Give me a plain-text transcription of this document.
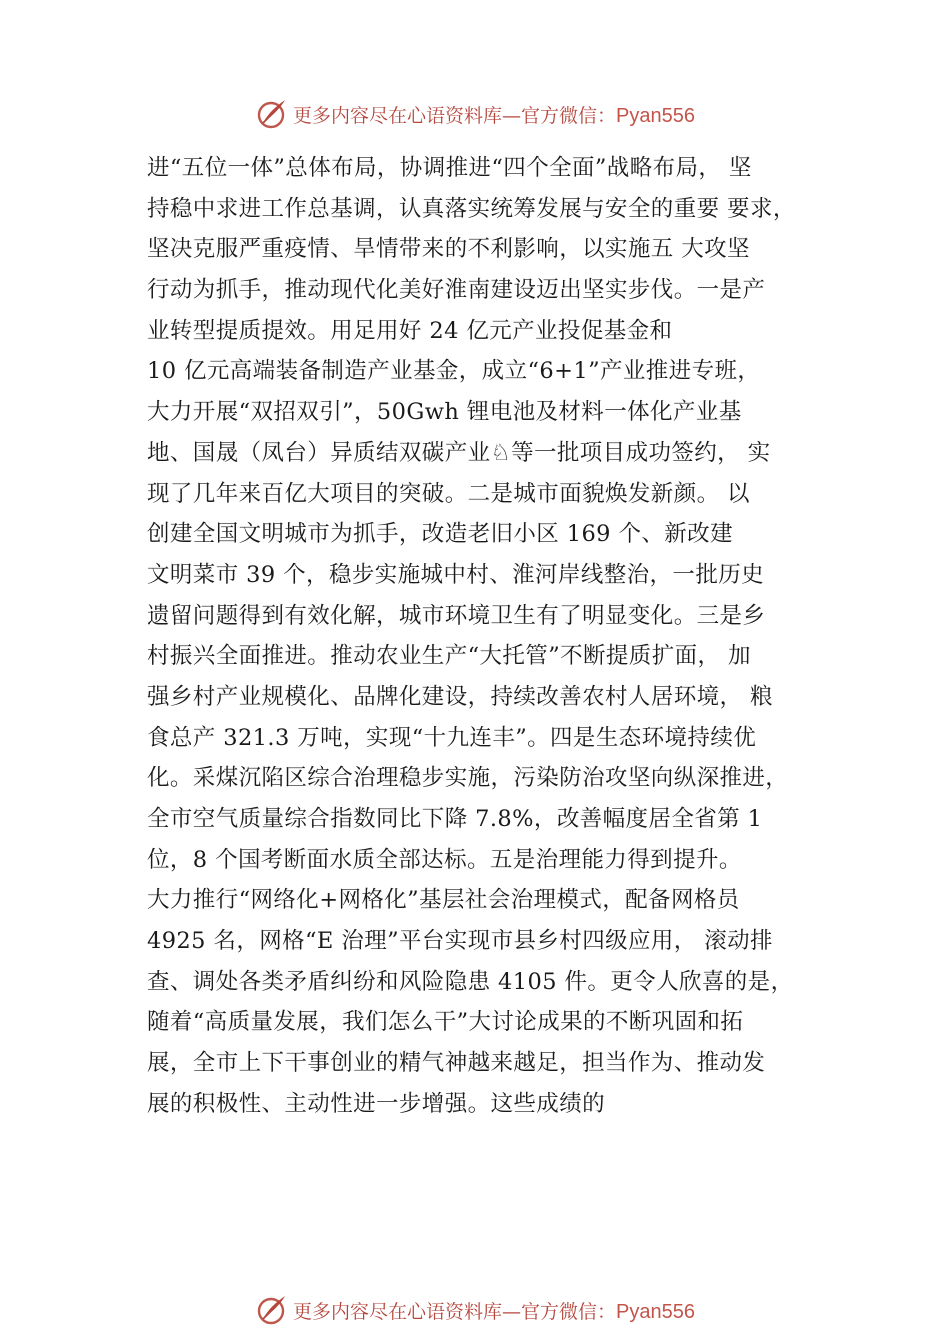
更多内容尽在心语资料库—官方微信：Pyan556
进“五位一体”总体布局，协调推进“四个全面”战略布局， 坚
持稳中求进工作总基调，认真落实统筹发展与安全的重要 要求，
坚决克服严重疫情、旱情带来的不利影响，以实施五 大攻坚
行动为抓手，推动现代化美好淮南建设迈出坚实步伐。一是产
业转型提质提效。用足用好 24 亿元产业投促基金和
10 亿元高端装备制造产业基金，成立“6+1”产业推进专班，
大力开展“双招双引”，50Gwh 锂电池及材料一体化产业基
地、国晟（凤台）异质结双碳产业♘等一批项目成功签约， 实
现了几年来百亿大项目的突破。二是城市面貌焕发新颜。 以
创建全国文明城市为抓手，改造老旧小区 169 个、新改建
文明菜市 39 个，稳步实施城中村、淮河岸线整治，一批历史
遗留问题得到有效化解，城市环境卫生有了明显变化。三是乡
村振兴全面推进。推动农业生产“大托管”不断提质扩面， 加
强乡村产业规模化、品牌化建设，持续改善农村人居环境， 粮
食总产 321.3 万吨，实现“十九连丰”。四是生态环境持续优
化。采煤沉陷区综合治理稳步实施，污染防治攻坚向纵深推进，
全市空气质量综合指数同比下降 7.8%，改善幅度居全省第 1
位，8 个国考断面水质全部达标。五是治理能力得到提升。
大力推行“网络化+网格化”基层社会治理模式，配备网格员
4925 名，网格“E 治理”平台实现市县乡村四级应用， 滚动排
查、调处各类矛盾纠纷和风险隐患 4105 件。更令人欣喜的是，
随着“高质量发展，我们怎么干”大讨论成果的不断巩固和拓
展，全市上下干事创业的精气神越来越足，担当作为、推动发
展的积极性、主动性进一步增强。这些成绩的
更多内容尽在心语资料库—官方微信：Pyan556
